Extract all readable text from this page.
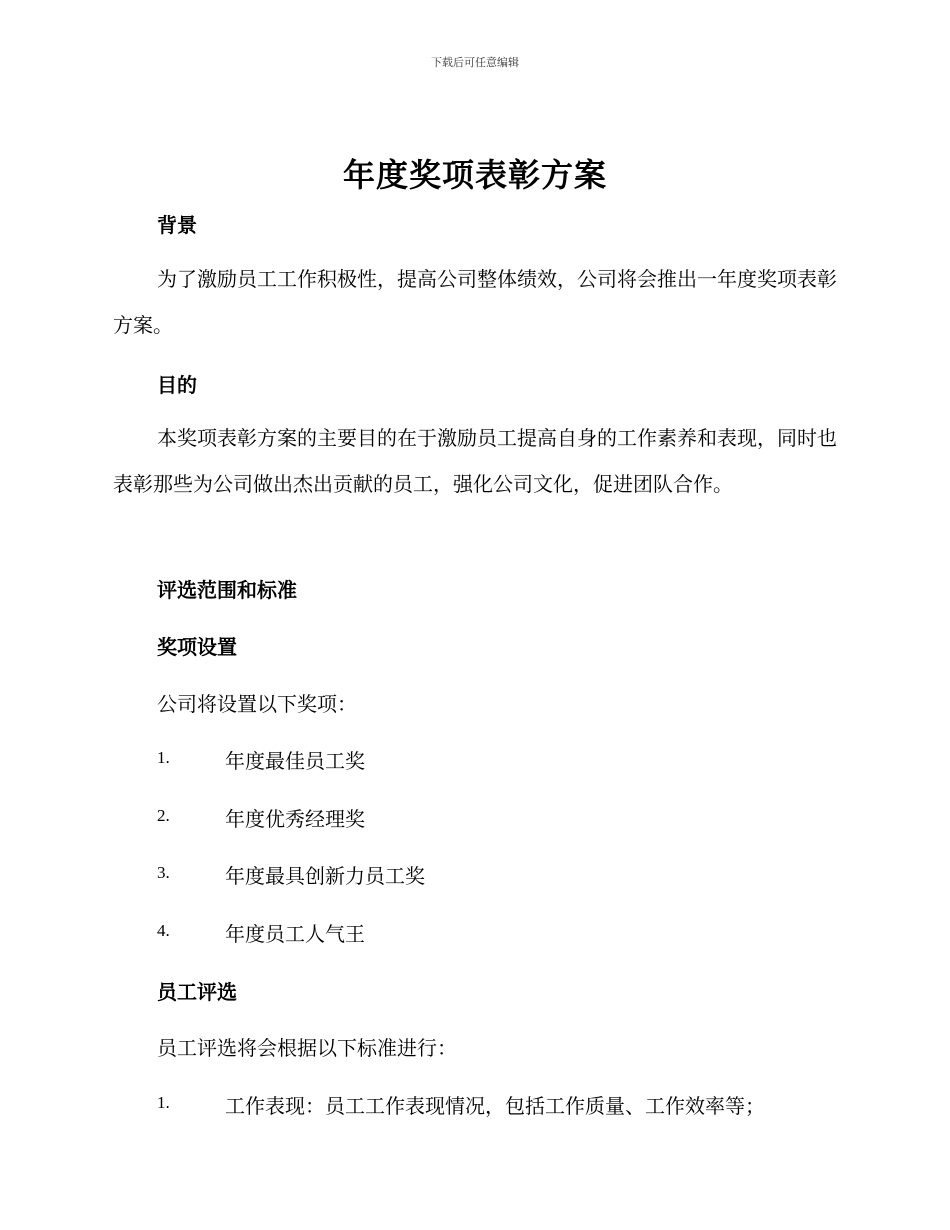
下载后可任意编辑
年度奖项表彰方案
背景
为了激励员工工作积极性，提高公司整体绩效，公司将会推出一年度奖项表彰方案。
目的
本奖项表彰方案的主要目的在于激励员工提高自身的工作素养和表现，同时也表彰那些为公司做出杰出贡献的员工，强化公司文化，促进团队合作。
评选范围和标准
奖项设置
公司将设置以下奖项：
1.	年度最佳员工奖
2.	年度优秀经理奖
3.	年度最具创新力员工奖
4.	年度员工人气王
员工评选
员工评选将会根据以下标准进行：
1.	工作表现：员工工作表现情况，包括工作质量、工作效率等；
